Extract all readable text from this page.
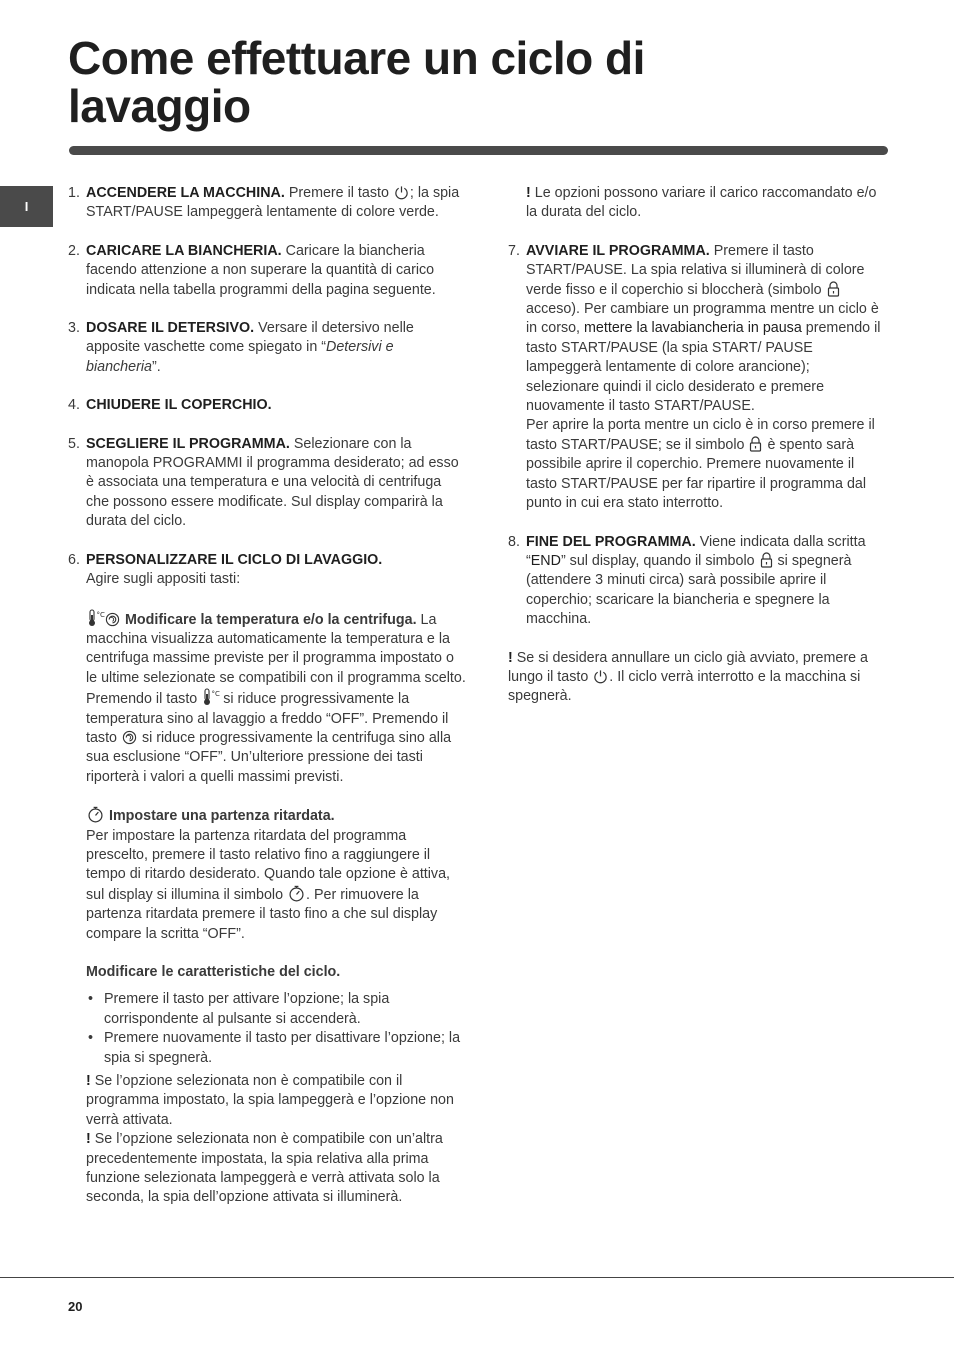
Come effettuare un ciclo di lavaggio
I
1. ACCENDERE LA MACCHINA. Premere il tasto ; la spia START/PAUSE lampeggerà lentamente di colore verde.
2. CARICARE LA BIANCHERIA. Caricare la biancheria facendo attenzione a non superare la quantità di carico indicata nella tabella programmi della pagina seguente.
3. DOSARE IL DETERSIVO. Versare il detersivo nelle apposite vaschette come spiegato in “Detersivi e biancheria”.
4. CHIUDERE IL COPERCHIO.
5. SCEGLIERE IL PROGRAMMA. Selezionare con la manopola PROGRAMMI il programma desiderato; ad esso è associata una temperatura e una velocità di centrifuga che possono essere modificate. Sul display comparirà la durata del ciclo.
6. PERSONALIZZARE IL CICLO DI LAVAGGIO.
Agire sugli appositi tasti:
°C Modificare la temperatura e/o la centrifuga. La macchina visualizza automaticamente la temperatura e la centrifuga massime previste per il programma impostato o le ultime selezionate se compatibili con il programma scelto. Premendo il tasto °C si riduce progressivamente la temperatura sino al lavaggio a freddo “OFF”. Premendo il tasto  si riduce progressivamente la centrifuga sino alla sua esclusione “OFF”. Un’ulteriore pressione dei tasti riporterà i valori a quelli massimi previsti.
Impostare una partenza ritardata.
Per impostare la partenza ritardata del programma prescelto, premere il tasto relativo fino a raggiungere il tempo di ritardo desiderato. Quando tale opzione è attiva, sul display si illumina il simbolo . Per rimuovere la partenza ritardata premere il tasto fino a che sul display compare la scritta “OFF”.
Modificare le caratteristiche del ciclo.
• Premere il tasto per attivare l’opzione; la spia corrispondente al pulsante si accenderà.
• Premere nuovamente il tasto per disattivare l’opzione; la spia si spegnerà.

! Se l’opzione selezionata non è compatibile con il programma impostato, la spia lampeggerà e l’opzione non verrà attivata.

! Se l’opzione selezionata non è compatibile con un’altra precedentemente impostata, la spia relativa alla prima funzione selezionata lampeggerà e verrà attivata solo la seconda, la spia dell’opzione attivata si illuminerà.

! Le opzioni possono variare il carico raccomandato e/o la durata del ciclo.
7. AVVIARE IL PROGRAMMA. Premere il tasto START/PAUSE. La spia relativa si illuminerà di colore verde fisso e il coperchio si bloccherà (simbolo  acceso). Per cambiare un programma mentre un ciclo è in corso, mettere la lavabiancheria in pausa premendo il tasto START/PAUSE (la spia START/ PAUSE lampeggerà lentamente di colore arancione); selezionare quindi il ciclo desiderato e premere nuovamente il tasto START/PAUSE.
Per aprire la porta mentre un ciclo è in corso premere il tasto START/PAUSE; se il simbolo  è spento sarà possibile aprire il coperchio. Premere nuovamente il tasto START/PAUSE per far ripartire il programma dal punto in cui era stato interrotto.
8. FINE DEL PROGRAMMA. Viene indicata dalla scritta “END” sul display, quando il simbolo  si spegnerà (attendere 3 minuti circa) sarà possibile aprire il coperchio; scaricare la biancheria e spegnere la macchina.
! Se si desidera annullare un ciclo già avviato, premere a lungo il tasto . Il ciclo verrà interrotto e la macchina si spegnerà.
20
